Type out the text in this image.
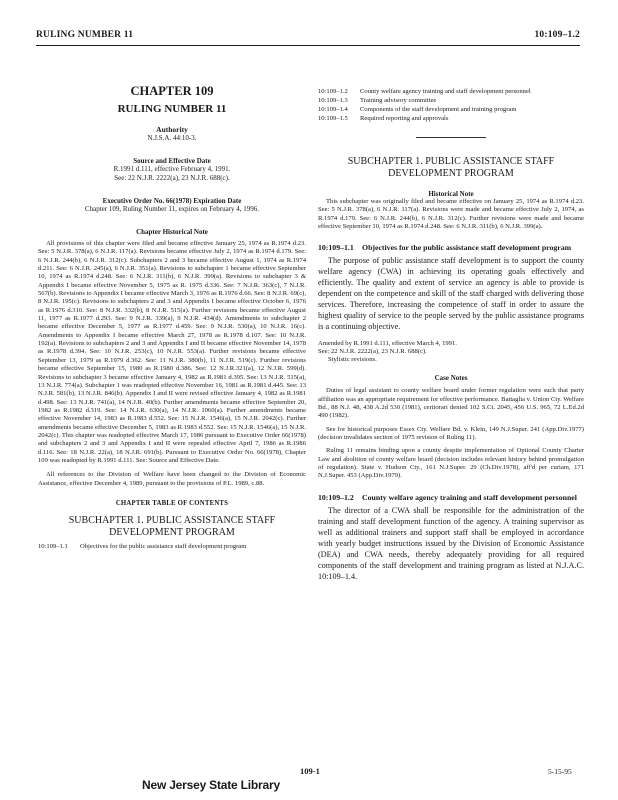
RULING NUMBER 11	10:109–1.2
CHAPTER 109
RULING NUMBER 11
Authority
N.J.S.A. 44:10-3.
Source and Effective Date
R.1991 d.111, effective February 4, 1991.
See: 22 N.J.R. 2222(a), 23 N.J.R. 688(c).
Executive Order No. 66(1978) Expiration Date
Chapter 109, Ruling Number 11, expires on February 4, 1996.
Chapter Historical Note
All provisions of this chapter were filed and became effective January 25, 1974 as R.1974 d.23. See: 5 N.J.R. 378(a), 6 N.J.R. 117(a). Revisions became effective July 2, 1974 as R.1974 d.179. See: 6 N.J.R. 244(b), 6 N.J.R. 312(c). Subchapters 2 and 3 became effective August 1, 1974 as R.1974 d.211. See: 6 N.J.R. 245(a), 6 N.J.R. 351(a). Revisions to subchapter 1 became effective September 10, 1974 as R.1974 d.248. See: 6 N.J.R. 311(b), 6 N.J.R. 399(a). Revisions to subchapter 3 & Appendix I became effective November 5, 1975 as R. 1975 d.336. See: 7 N.J.R. 363(c), 7 N.J.R. 567(b). Revisions to Appendix I became effective March 3, 1976 as R.1976 d.66. See: 8 N.J.R. 69(c), 8 N.J.R. 195(c). Revisions to subchapters 2 and 3 and Appendix I became effective October 6, 1976 as R.1976 d.310. See: 8 N.J.R. 332(b), 8 N.J.R. 515(a). Further revisions became effective August 11, 1977 as R.1977 d.293. See: 9 N.J.R. 339(a), 9 N.J.R. 434(d). Amendments to subchapter 2 became effective December 5, 1977 as R.1977 d.459. See: 9 N.J.R. 530(a), 10 N.J.R. 16(c). Amendments to Appendix I became effective March 27, 1978 as R.1978 d.107. See: 10 N.J.R. 192(a). Revisions to subchapters 2 and 3 and Appendix I and II became effective November 14, 1978 as R.1978 d.394. See: 10 N.J.R. 253(c), 10 N.J.R. 553(a). Further revisions became effective September 13, 1979 as R.1979 d.362. See: 11 N.J.R. 380(b), 11 N.J.R. 519(c). Further revisions became effective September 15, 1980 as R.1980 d.386. See: 12 N.J.R.321(a), 12 N.J.R. 599(d). Revisions to subchapter 3 became effective January 4, 1982 as R.1981 d.395. See: 13 N.J.R. 515(a), 13 N.J.R. 774(a). Subchapter 1 was readopted effective November 16, 1981 as R.1981 d.445. See: 13 N.J.R. 581(b), 13 N.J.R. 846(b). Appendix I and II were revised effective January 4, 1982 as R.1981 d.498. See: 13 N.J.R. 741(a), 14 N.J.R. 40(b). Further amendments became effective September 20, 1982 as R.1982 d.319. See: 14 N.J.R. 630(a), 14 N.J.R. 1060(a). Further amendments became effective November 14, 1983 as R.1983 d.552. See: 15 N.J.R. 1546(a), 15 N.J.R. 2042(c). Further amendments became effective December 5, 1983 as R.1983 d.552. See: 15 N.J.R. 1546(a), 15 N.J.R. 2042(c). This chapter was readopted effective March 17, 1986 pursuant to Executive Order 66(1978) and subchapters 2 and 3 and Appendix I and II were repealed effective April 7, 1986 as R.1986 d.116. See: 18 N.J.R. 22(a), 18 N.J.R. 691(b). Pursuant to Executive Order No. 66(1978), Chapter 109 was readopted by R.1991 d.111. See: Source and Effective Date.
All references to the Division of Welfare have been changed to the Division of Economic Assistance, effective December 4, 1989, pursuant to the provisions of P.L. 1989, c.88.
CHAPTER TABLE OF CONTENTS
SUBCHAPTER 1. PUBLIC ASSISTANCE STAFF DEVELOPMENT PROGRAM
10:109–1.1	Objectives for the public assistance staff development program
10:109–1.2	County welfare agency training and staff development personnel
10:109–1.3	Training advisory committee
10:109–1.4	Components of the staff development and training program
10:109–1.5	Required reporting and approvals
SUBCHAPTER 1. PUBLIC ASSISTANCE STAFF DEVELOPMENT PROGRAM
Historical Note
This subchapter was originally filed and became effective on January 25, 1974 as R.1974 d.23. See: 5 N.J.R. 378(a), 6 N.J.R. 117(a). Revisions were made and became effective July 2, 1974, as R.1974 d.179. See: 6 N.J.R. 244(b), 6 N.J.R. 312(c). Further revisions were made and became effective September 10, 1974 as R.1974 d.248. See: 6 N.J.R. 311(b), 6 N.J.R. 399(a).
10:109–1.1	Objectives for the public assistance staff development program
The purpose of public assistance staff development is to support the county welfare agency (CWA) in achieving its operating goals effectively and efficiently. The quality and extent of service an agency is able to provide is dependent on the competence and skill of the staff charged with delivering those services. Therefore, increasing the competence of staff in order to assure the highest quality of service to the people served by the public assistance programs is a continuing objective.
Amended by R.1991 d.111, effective March 4, 1991.
See: 22 N.J.R. 2222(a), 23 N.J.R. 688(c).
Stylistic revisions.
Case Notes
Duties of legal assistant to county welfare board under former regulation were such that party affiliation was an appropriate requirement for effective performance. Battaglia v. Union Cty. Welfare Bd., 88 N.J. 48, 438 A.2d 530 (1981), certiorari denied 102 S.Ct. 2045, 456 U.S. 965, 72 L.Ed.2d 490 (1982).
See for historical purposes Essex Cty. Welfare Bd. v. Klein, 149 N.J.Super. 241 (App.Div.1977) (decision invalidates section of 1975 revision of Ruling 11).
Ruling 11 remains binding upon a county despite implementation of Optional County Charter Law and abolition of county welfare board (decision includes relevant history behind promulgation of regulation). State v. Hudson Cty., 161 N.J.Super. 29 (Ch.Div.1978), aff'd per curiam, 171 N.J.Super. 453 (App.Div.1979).
10:109–1.2	County welfare agency training and staff development personnel
The director of a CWA shall be responsible for the administration of the training and staff development function of the agency. A training supervisor as well as additional trainers and support staff shall be employed in accordance with yearly budget instructions issued by the Division of Economic Assistance (DEA) and CWA needs, thereby adequately providing for all required components of the staff development and training program as listed at N.J.A.C. 10:109–1.4.
109-1	5-15-95
New Jersey State Library
